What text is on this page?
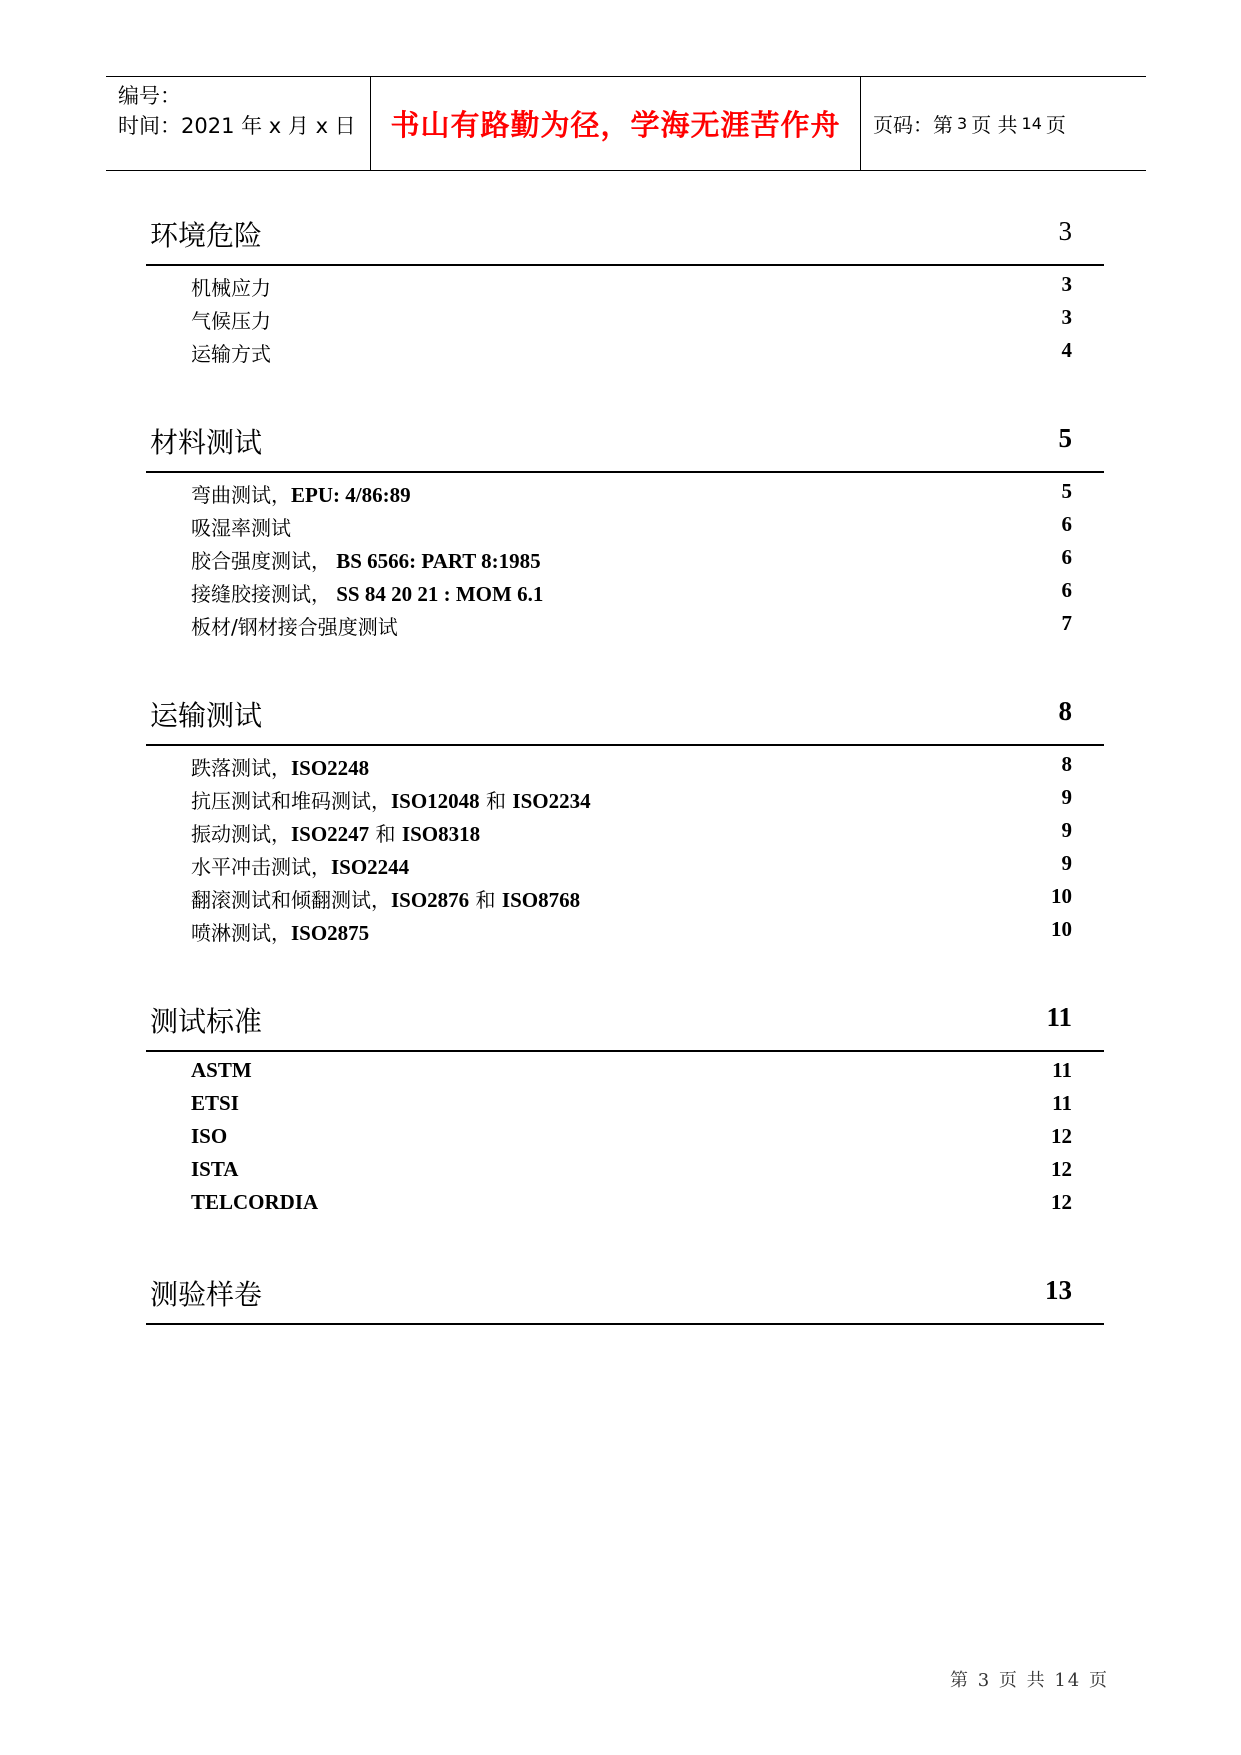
编号：
时间：2021 年 x 月 x 日	书山有路勤为径，学海无涯苦作舟	页码：第 3 页 共 14 页
环境危险	3
机械应力	3
气候压力	3
运输方式	4
材料测试	5
弯曲测试，EPU: 4/86:89	5
吸湿率测试	6
胶合强度测试， BS 6566: PART 8:1985	6
接缝胶接测试， SS 84 20 21 : MOM 6.1	6
板材/钢材接合强度测试	7
运输测试	8
跌落测试，ISO2248	8
抗压测试和堆码测试，ISO12048 和 ISO2234	9
振动测试，ISO2247 和 ISO8318	9
水平冲击测试，ISO2244	9
翻滚测试和倾翻测试，ISO2876 和 ISO8768	10
喷淋测试，ISO2875	10
测试标准	11
ASTM	11
ETSI	11
ISO	12
ISTA	12
TELCORDIA	12
测验样卷	13
第 3 页 共 14 页
